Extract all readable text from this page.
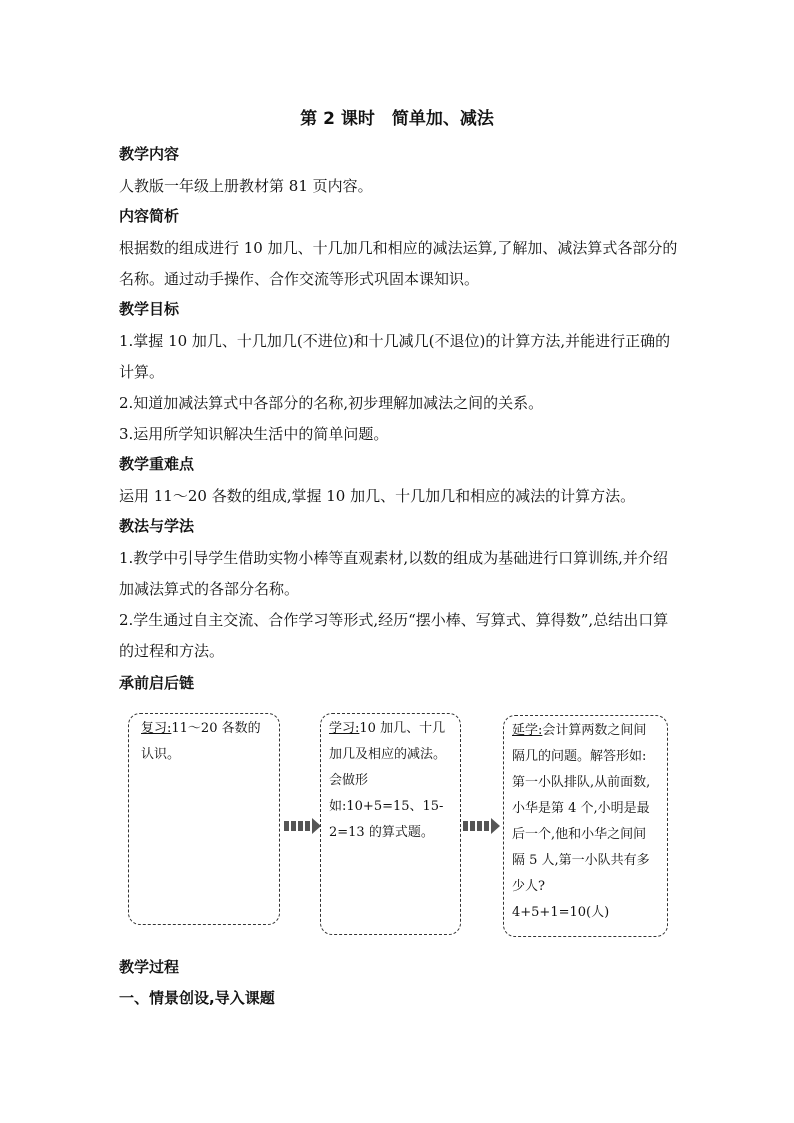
第 2 课时　简单加、减法
教学内容
人教版一年级上册教材第 81 页内容。
内容简析
根据数的组成进行 10 加几、十几加几和相应的减法运算,了解加、减法算式各部分的名称。通过动手操作、合作交流等形式巩固本课知识。
教学目标
1.掌握 10 加几、十几加几(不进位)和十几减几(不退位)的计算方法,并能进行正确的计算。
2.知道加减法算式中各部分的名称,初步理解加减法之间的关系。
3.运用所学知识解决生活中的简单问题。
教学重难点
运用 11～20 各数的组成,掌握 10 加几、十几加几和相应的减法的计算方法。
教法与学法
1.教学中引导学生借助实物小棒等直观素材,以数的组成为基础进行口算训练,并介绍加减法算式的各部分名称。
2.学生通过自主交流、合作学习等形式,经历“摆小棒、写算式、算得数”,总结出口算的过程和方法。
承前启后链
复习:11～20 各数的认识。
学习:10 加几、十几加几及相应的减法。会做形如:10+5=15、15-2=13 的算式题。
延学:会计算两数之间间隔几的问题。解答形如:第一小队排队,从前面数,小华是第 4 个,小明是最后一个,他和小华之间间隔 5 人,第一小队共有多少人?
4+5+1=10(人)
教学过程
一、情景创设,导入课题
